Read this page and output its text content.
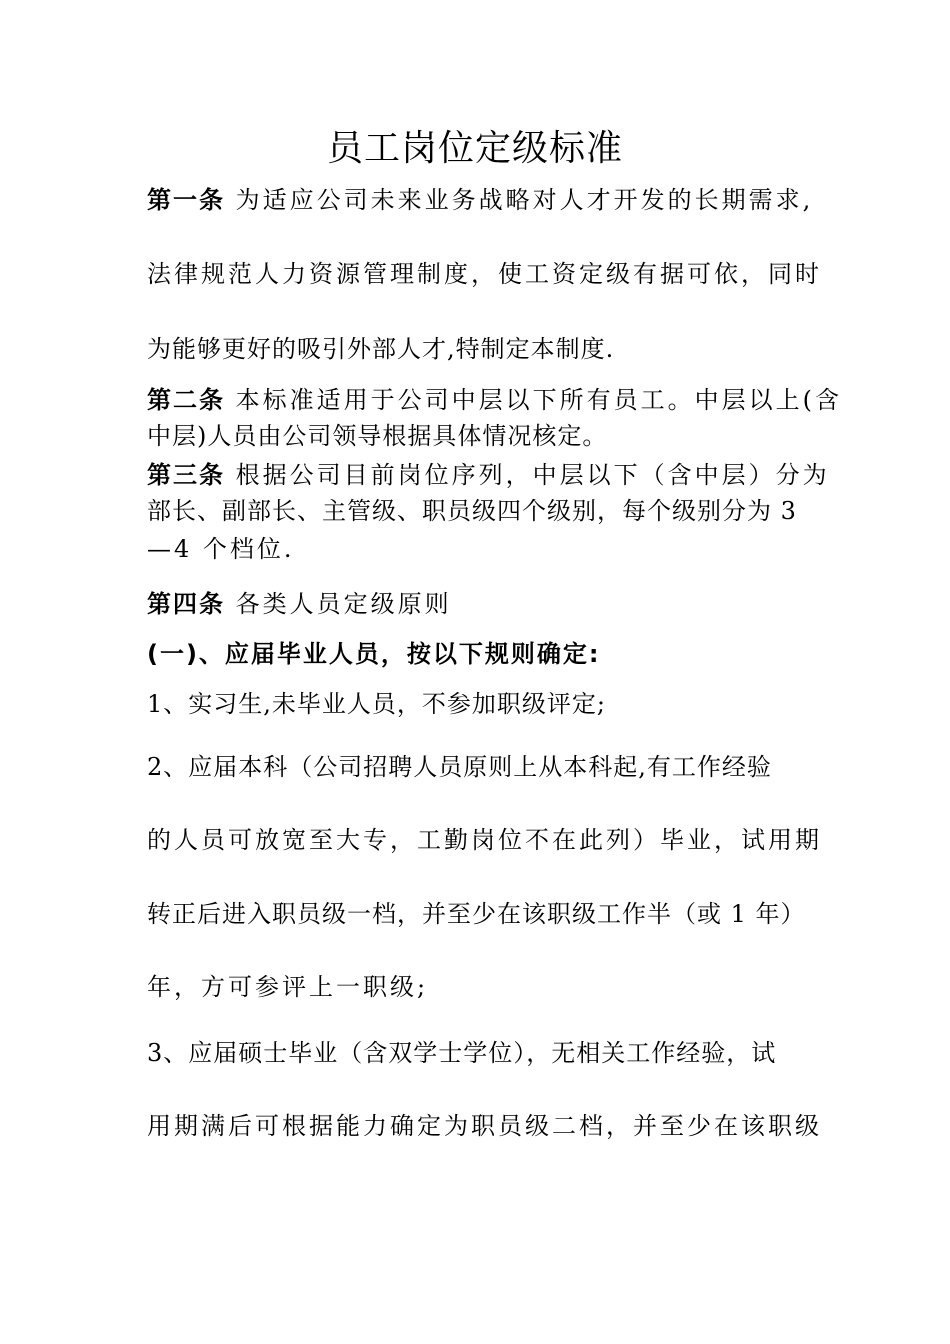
员工岗位定级标准
第一条 为适应公司未来业务战略对人才开发的长期需求,
法律规范人力资源管理制度，使工资定级有据可依，同时
为能够更好的吸引外部人才,特制定本制度.
第二条 本标准适用于公司中层以下所有员工。中层以上(含
中层)人员由公司领导根据具体情况核定。
第三条 根据公司目前岗位序列，中层以下（含中层）分为
部长、副部长、主管级、职员级四个级别，每个级别分为 3
—4 个档位.
第四条 各类人员定级原则
(一)、应届毕业人员，按以下规则确定:
1、实习生,未毕业人员，不参加职级评定;
2、应届本科（公司招聘人员原则上从本科起,有工作经验
的人员可放宽至大专，工勤岗位不在此列）毕业，试用期
转正后进入职员级一档，并至少在该职级工作半（或 1 年）
年，方可参评上一职级;
3、应届硕士毕业（含双学士学位），无相关工作经验，试
用期满后可根据能力确定为职员级二档，并至少在该职级
